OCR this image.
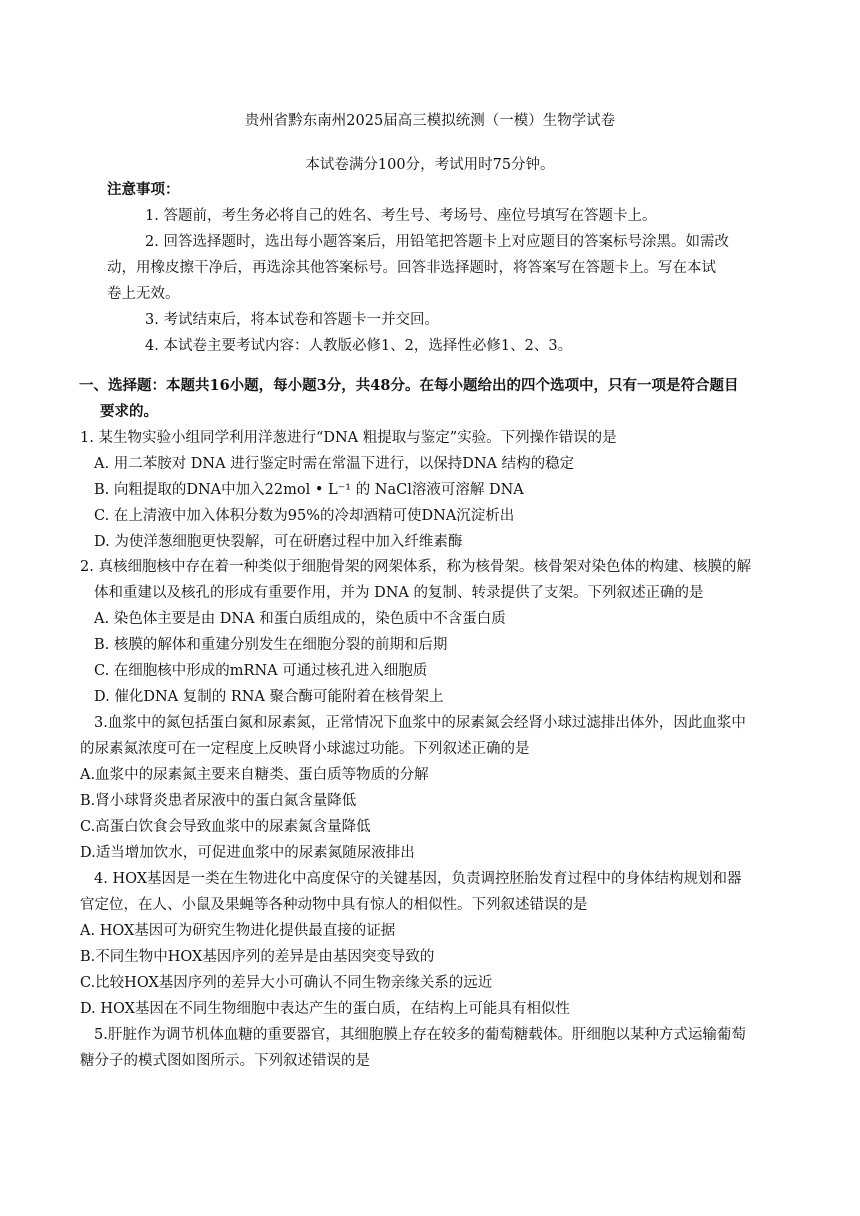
贵州省黔东南州2025届高三模拟统测（一模）生物学试卷
本试卷满分100分，考试用时75分钟。
注意事项：
1. 答题前，考生务必将自己的姓名、考生号、考场号、座位号填写在答题卡上。
2. 回答选择题时，选出每小题答案后，用铅笔把答题卡上对应题目的答案标号涂黑。如需改
动，用橡皮擦干净后，再选涂其他答案标号。回答非选择题时，将答案写在答题卡上。写在本试
卷上无效。
3. 考试结束后，将本试卷和答题卡一并交回。
4. 本试卷主要考试内容：人教版必修1、2，选择性必修1、2、3。
一、选择题：本题共16小题，每小题3分，共48分。在每小题给出的四个选项中，只有一项是符合题目
要求的。
1. 某生物实验小组同学利用洋葱进行“DNA 粗提取与鉴定”实验。下列操作错误的是
A. 用二苯胺对 DNA 进行鉴定时需在常温下进行，以保持DNA 结构的稳定
B. 向粗提取的DNA中加入22mol • L⁻¹ 的 NaCl溶液可溶解 DNA
C. 在上清液中加入体积分数为95%的冷却酒精可使DNA沉淀析出
D. 为使洋葱细胞更快裂解，可在研磨过程中加入纤维素酶
2. 真核细胞核中存在着一种类似于细胞骨架的网架体系，称为核骨架。核骨架对染色体的构建、核膜的解
体和重建以及核孔的形成有重要作用，并为 DNA 的复制、转录提供了支架。下列叙述正确的是
A. 染色体主要是由 DNA 和蛋白质组成的，染色质中不含蛋白质
B. 核膜的解体和重建分别发生在细胞分裂的前期和后期
C. 在细胞核中形成的mRNA 可通过核孔进入细胞质
D. 催化DNA 复制的 RNA 聚合酶可能附着在核骨架上
3.血浆中的氮包括蛋白氮和尿素氮，正常情况下血浆中的尿素氮会经肾小球过滤排出体外，因此血浆中
的尿素氮浓度可在一定程度上反映肾小球滤过功能。下列叙述正确的是
A.血浆中的尿素氮主要来自糖类、蛋白质等物质的分解
B.肾小球肾炎患者尿液中的蛋白氮含量降低
C.高蛋白饮食会导致血浆中的尿素氮含量降低
D.适当增加饮水，可促进血浆中的尿素氮随尿液排出
4. HOX基因是一类在生物进化中高度保守的关键基因，负责调控胚胎发育过程中的身体结构规划和器
官定位，在人、小鼠及果蝇等各种动物中具有惊人的相似性。下列叙述错误的是
A. HOX基因可为研究生物进化提供最直接的证据
B.不同生物中HOX基因序列的差异是由基因突变导致的
C.比较HOX基因序列的差异大小可确认不同生物亲缘关系的远近
D. HOX基因在不同生物细胞中表达产生的蛋白质，在结构上可能具有相似性
5.肝脏作为调节机体血糖的重要器官，其细胞膜上存在较多的葡萄糖载体。肝细胞以某种方式运输葡萄
糖分子的模式图如图所示。下列叙述错误的是
